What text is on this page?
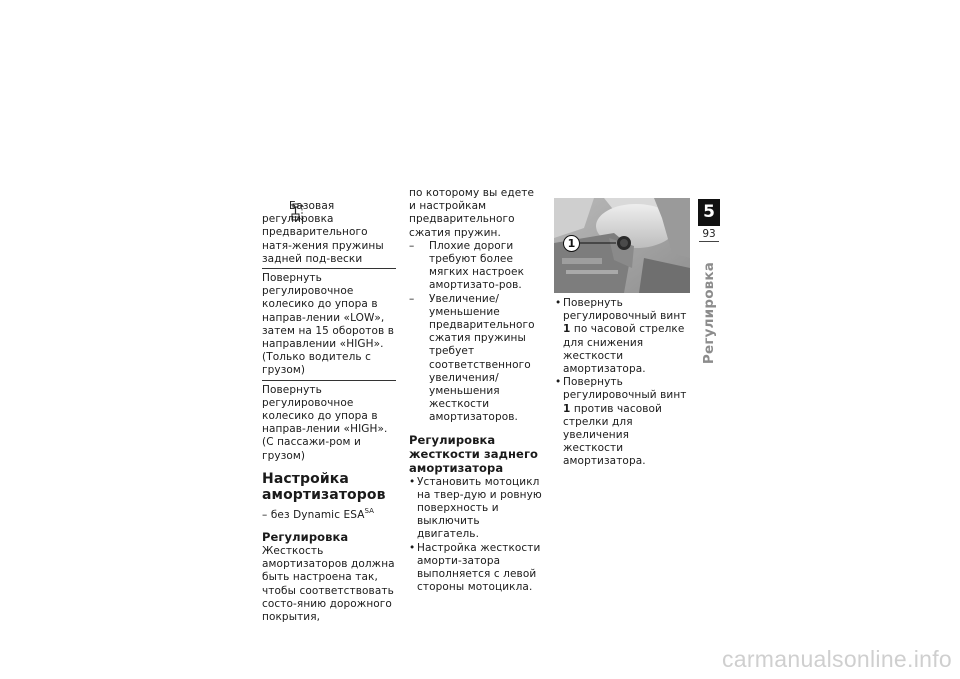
Базовая регулировка предварительного натя-жения пружины задней под-вески

Повернуть регулировочное колесико до упора в направ-лении «LOW», затем на 15 оборотов в направлении «HIGH». (Только водитель с грузом)

Повернуть регулировочное колесико до упора в направ-лении «HIGH». (С пассажи-ром и грузом)

Настройка амортизаторов

– без Dynamic $ESA^{SA}$

Регулировка

Жесткость амортизаторов должна быть настроена так, чтобы соответствовать состо-янию дорожного покрытия,

по которому вы едете и настройкам предварительного сжатия пружин.

– Плохие дороги требуют более мягких настроек амортизато-ров.
– Увеличение/уменьшение предварительного сжатия пружины требует соответственного увеличения/ уменьшения жесткости амортизаторов.
Регулировка жесткости заднего амортизатора
• Установить мотоцикл на твер-дую и ровную поверхность и выключить двигатель.
• Настройка жесткости аморти-затора выполняется с левой стороны мотоцикла.
1
• Повернуть регулировочный винт 1 по часовой стрелке для снижения жесткости амортизатора.
• Повернуть регулировочный винт 1 против часовой стрелки для увеличения жесткости амортизатора.
5
93
Регулировка
carmanualsonline.info
